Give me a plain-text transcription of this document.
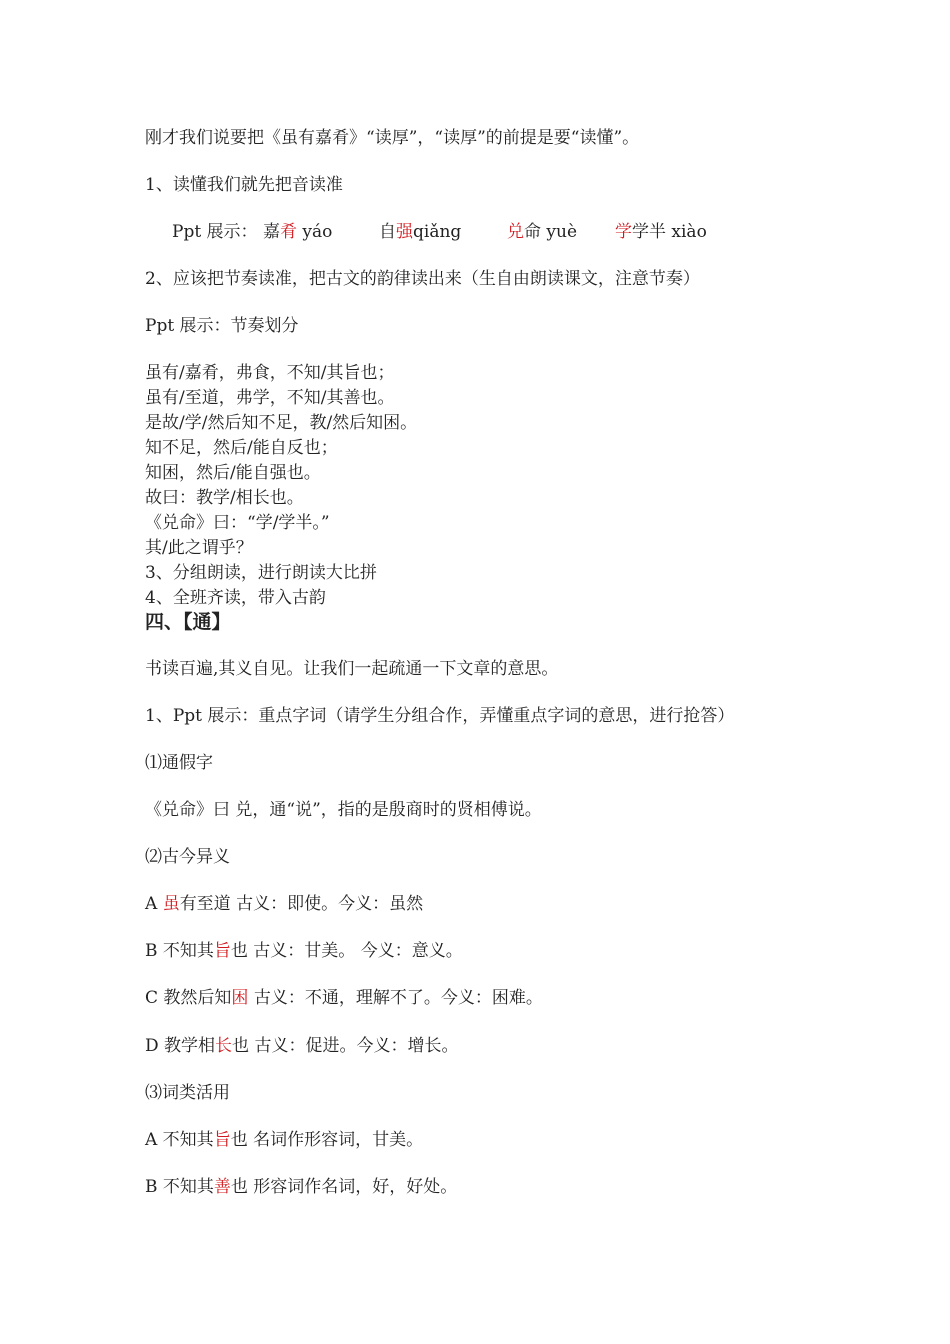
刚才我们说要把《虽有嘉肴》“读厚”，“读厚”的前提是要“读懂”。
1、读懂我们就先把音读准

Ppt 展示：

嘉肴 yáo

	自强qiǎng

	兑命 yuè

学学半 xiào

2、应该把节奏读准，把古文的韵律读出来（生自由朗读课文，注意节奏）
Ppt 展示：节奏划分
虽有/嘉肴，弗食，不知/其旨也；
虽有/至道，弗学，不知/其善也。
是故/学/然后知不足，教/然后知困。
知不足，然后/能自反也；
知困，然后/能自强也。
故曰：教学/相长也。
《兑命》曰：“学/学半。”
其/此之谓乎？
3、分组朗读，进行朗读大比拼
4、全班齐读，带入古韵
四、【通】
书读百遍,其义自见。让我们一起疏通一下文章的意思。
1、Ppt 展示：重点字词（请学生分组合作，弄懂重点字词的意思，进行抢答）
⑴通假字
《兑命》曰 兑，通“说”，指的是殷商时的贤相傅说。
⑵古今异义
A 虽有至道 古义：即使。今义：虽然
B 不知其旨也 古义：甘美。 今义：意义。
C 教然后知困 古义：不通，理解不了。今义：困难。
D 教学相长也 古义：促进。今义：增长。
⑶词类活用
A 不知其旨也 名词作形容词，甘美。
B 不知其善也 形容词作名词，好，好处。
